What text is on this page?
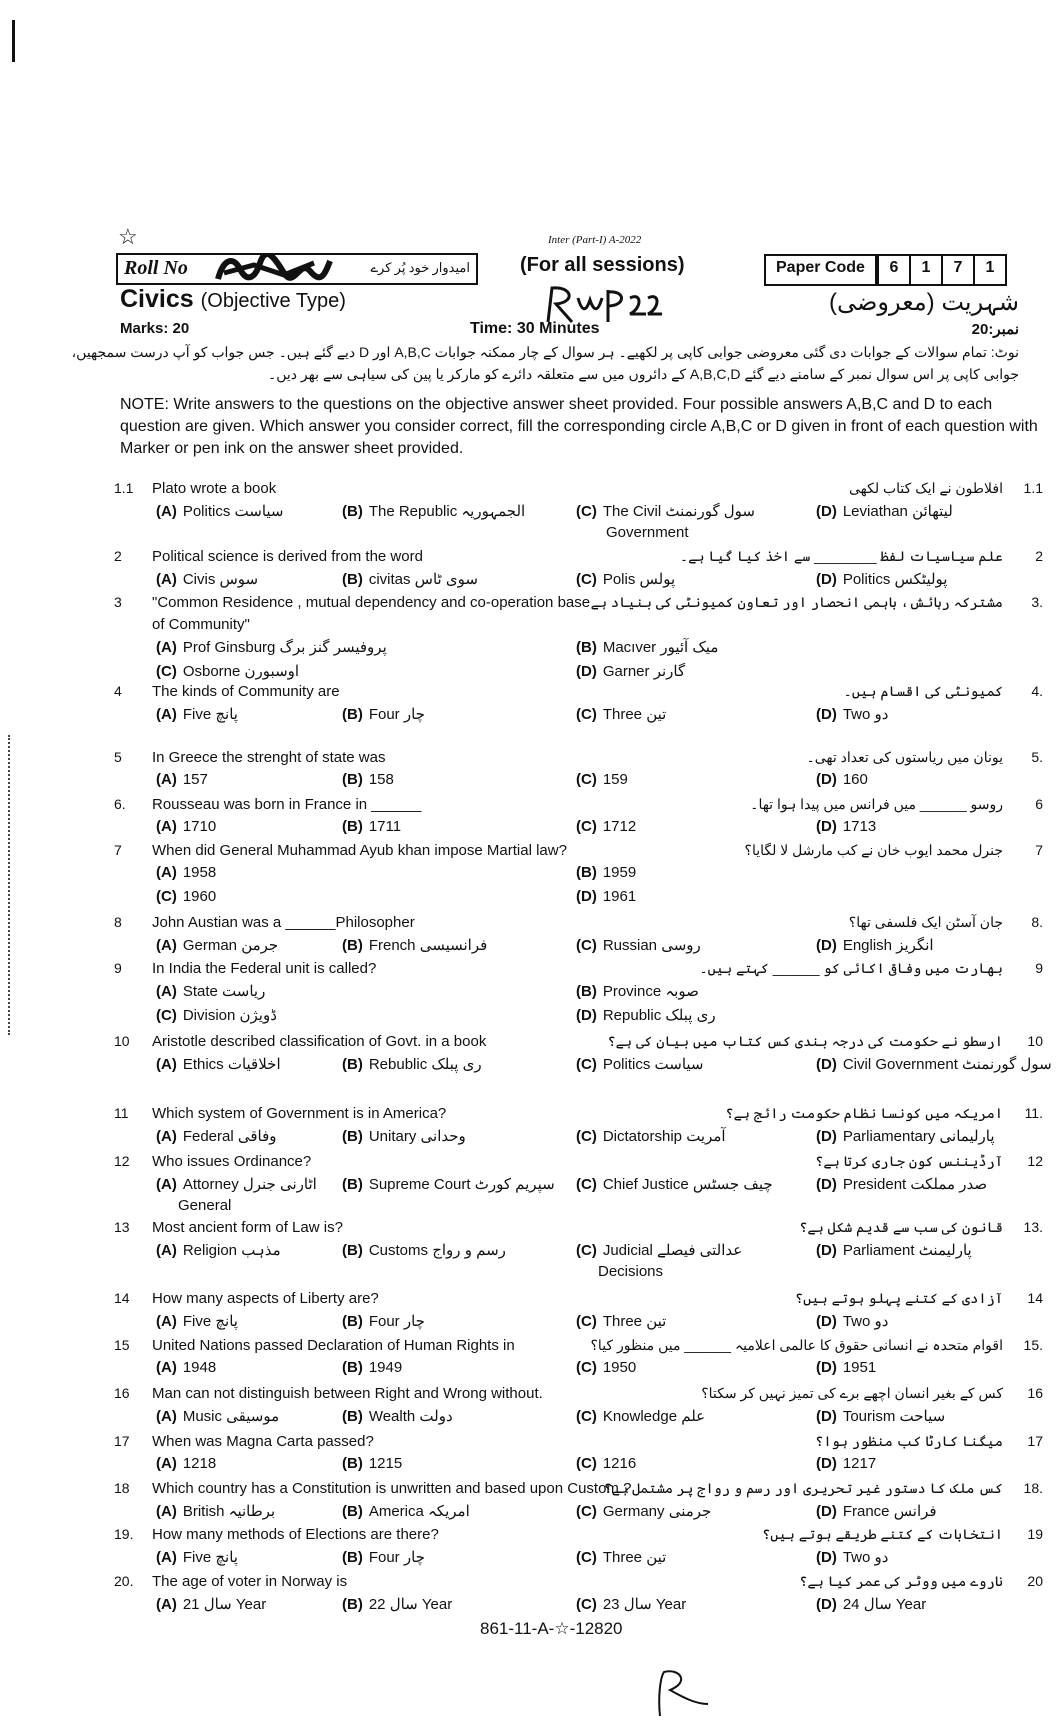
☆	Inter (Part-I) A-2022
Roll No	امیدوار خود پُر کرے	(For all sessions)	Paper Code	6	1	7	1
Civics (Objective Type)	شہریت (معروضی)
Marks: 20	Time: 30 Minutes	نمبر:20
نوٹ: تمام سوالات کے جوابات دی گئی معروضی جوابی کاپی پر لکھیے۔ ہر سوال کے چار ممکنہ جوابات A,B,C اور D دیے گئے ہیں۔ جس جواب کو آپ درست سمجھیں،
جوابی کاپی پر اس سوال نمبر کے سامنے دیے گئے A,B,C,D کے دائروں میں سے متعلقہ دائرے کو مارکر یا پین کی سیاہی سے بھر دیں۔
NOTE: Write answers to the questions on the objective answer sheet provided. Four possible answers A,B,C and D to each question are given. Which answer you consider correct, fill the corresponding circle A,B,C or D given in front of each question with Marker or pen ink on the answer sheet provided.
1.1 Plato wrote a book	افلاطون نے ایک کتاب لکھی 1.1
(A) Politics سیاست	(B) The Republic الجمہوریہ	(C) The Civil سول گورنمنٹ	(D) Leviathan لیتھائن
Government
2 Political science is derived from the word	علم سیاسیات لفظ ________ سے اخذ کیا گیا ہے۔ 2
(A) Civis سوس	(B) civitas سوی ٹاس	(C) Polis پولس	(D) Politics پولیٹکس
3 "Common Residence , mutual dependency and co-operation base
of Community"
مشترکہ رہائش، باہمی انحصار اور تعاون کمیونٹی کی بنیاد ہے 3.
(A) Prof Ginsburg پروفیسر گنز برگ	(B) Macıver میک آئیور
(C) Osborne اوسبورن	(D) Garner گارنر
4 The kinds of Community are	کمیونٹی کی اقسام ہیں۔ 4.
(A) Five پانچ	(B) Four چار	(C) Three تین	(D) Two دو
5 In Greece the strenght of state was	یونان میں ریاستوں کی تعداد تھی۔ 5.
(A) 157	(B) 158	(C) 159	(D) 160
6. Rousseau was born in France in ______	روسو ______ میں فرانس میں پیدا ہوا تھا۔ 6
(A) 1710	(B) 1711	(C) 1712	(D) 1713
7 When did General Muhammad Ayub khan impose Martial law?	جنرل محمد ایوب خان نے کب مارشل لا لگایا؟ 7
(A) 1958	(B) 1959
(C) 1960	(D) 1961
8 John Austian was a ______Philosopher	جان آسٹن ایک فلسفی تھا؟ 8.
(A) German جرمن	(B) French فرانسیسی	(C) Russian روسی	(D) English انگریز
9 In India the Federal unit is called?	بھارت میں وفاقی اکائی کو ______ کہتے ہیں۔ 9
(A) State ریاست	(B) Province صوبہ
(C) Division ڈویژن	(D) Republic ری پبلک
10 Aristotle described classification of Govt. in a book	ارسطو نے حکومت کی درجہ بندی کس کتاب میں بیان کی ہے؟ 10
(A) Ethics اخلاقیات	(B) Rebublic ری پبلک	(C) Politics سیاست	(D) Civil Government سول گورنمنٹ
11 Which system of Government is in America?	امریکہ میں کونسا نظام حکومت رائج ہے؟ 11.
(A) Federal وفاقی	(B) Unitary وحدانی	(C) Dictatorship آمریت	(D) Parliamentary پارلیمانی
12 Who issues Ordinance?	آرڈیننس کون جاری کرتا ہے؟ 12
(A) Attorney اٹارنی جنرل (B) Supreme Court سپریم کورٹ (C) Chief Justice چیف جسٹس	(D) President صدر مملکت
General
13 Most ancient form of Law is?	قانون کی سب سے قدیم شکل ہے؟ 13.
(A) Religion مذہب	(B) Customs رسم و رواج	(C) Judicial عدالتی فیصلے	(D) Parliament پارلیمنٹ
Decisions
14 How many aspects of Liberty are?	آزادی کے کتنے پہلو ہوتے ہیں؟ 14
(A) Five پانچ	(B) Four چار	(C) Three تین	(D) Two دو
15 United Nations passed Declaration of Human Rights in	اقوام متحدہ نے انسانی حقوق کا عالمی اعلامیہ ______ میں منظور کیا؟ 15.
(A) 1948	(B) 1949	(C) 1950	(D) 1951
16 Man can not distinguish between Right and Wrong without.	کس کے بغیر انسان اچھے برے کی تمیز نہیں کر سکتا؟ 16
(A) Music موسیقی	(B) Wealth دولت	(C) Knowledge علم	(D) Tourism سیاحت
17 When was Magna Carta passed?	میگنا کارٹا کب منظور ہوا؟ 17
(A) 1218	(B) 1215	(C) 1216	(D) 1217
18 Which country has a Constitution is unwritten and based upon Custom ?
کس ملک کا دستور غیر تحریری اور رسم و رواج پر مشتمل ہے؟ 18.
(A) British برطانیہ	(B) America امریکہ	(C) Germany جرمنی	(D) France فرانس
19. How many methods of Elections are there?	انتخابات کے کتنے طریقے ہوتے ہیں؟ 19
(A) Five پانچ	(B) Four چار	(C) Three تین	(D) Two دو
20. The age of voter in Norway is	ناروے میں ووٹر کی عمر کیا ہے؟ 20
(A) 21 سال Year	(B) 22 سال Year	(C) 23 سال Year	(D) 24 سال Year
861-11-A-☆-12820
